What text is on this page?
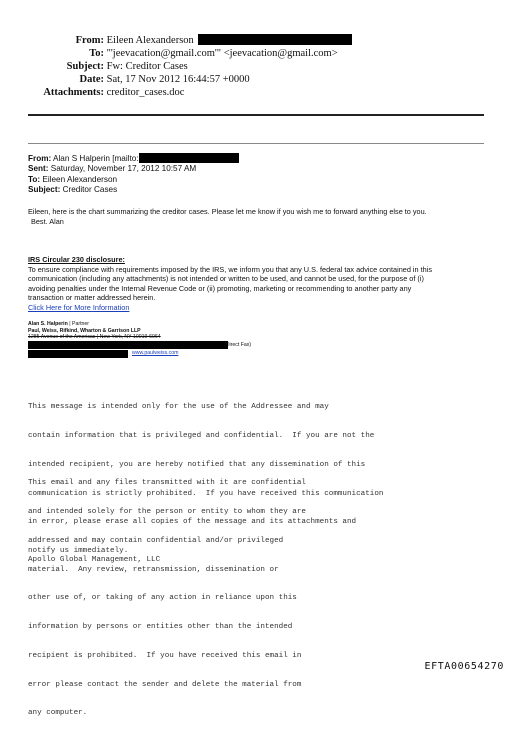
From: Eileen Alexanderson
To: "'jeevacation@gmail.com'" <jeevacation@gmail.com>
Subject: Fw: Creditor Cases
Date: Sat, 17 Nov 2012 16:44:57 +0000
Attachments: creditor_cases.doc
From: Alan S Halperin [mailto:
Sent: Saturday, November 17, 2012 10:57 AM
To: Eileen Alexanderson
Subject: Creditor Cases
Eileen, here is the chart summarizing the creditor cases. Please let me know if you wish me to forward anything else to you.
Best. Alan
IRS Circular 230 disclosure:
To ensure compliance with requirements imposed by the IRS, we inform you that any U.S. federal tax advice contained in this
communication (including any attachments) is not intended or written to be used, and cannot be used, for the purpose of (i)
avoiding penalties under the Internal Revenue Code or (ii) promoting, marketing or recommending to another party any
transaction or matter addressed herein.
Click Here for More Information
Alan S. Halperin | Partner
Paul, Weiss, Rifkind, Wharton & Garrison LLP
1285 Avenue of the Americas | New York, NY 10019-6064
(Direct Fax)
www.paulweiss.com

This message is intended only for the use of the Addressee and may

contain information that is privileged and confidential.  If you are not the

intended recipient, you are hereby notified that any dissemination of this

communication is strictly prohibited.  If you have received this communication

in error, please erase all copies of the message and its attachments and

notify us immediately.

This email and any files transmitted with it are confidential

and intended solely for the person or entity to whom they are

addressed and may contain confidential and/or privileged

material.  Any review, retransmission, dissemination or

other use of, or taking of any action in reliance upon this

information by persons or entities other than the intended

recipient is prohibited.  If you have received this email in

error please contact the sender and delete the material from

any computer.

Apollo Global Management, LLC
EFTA00654270
